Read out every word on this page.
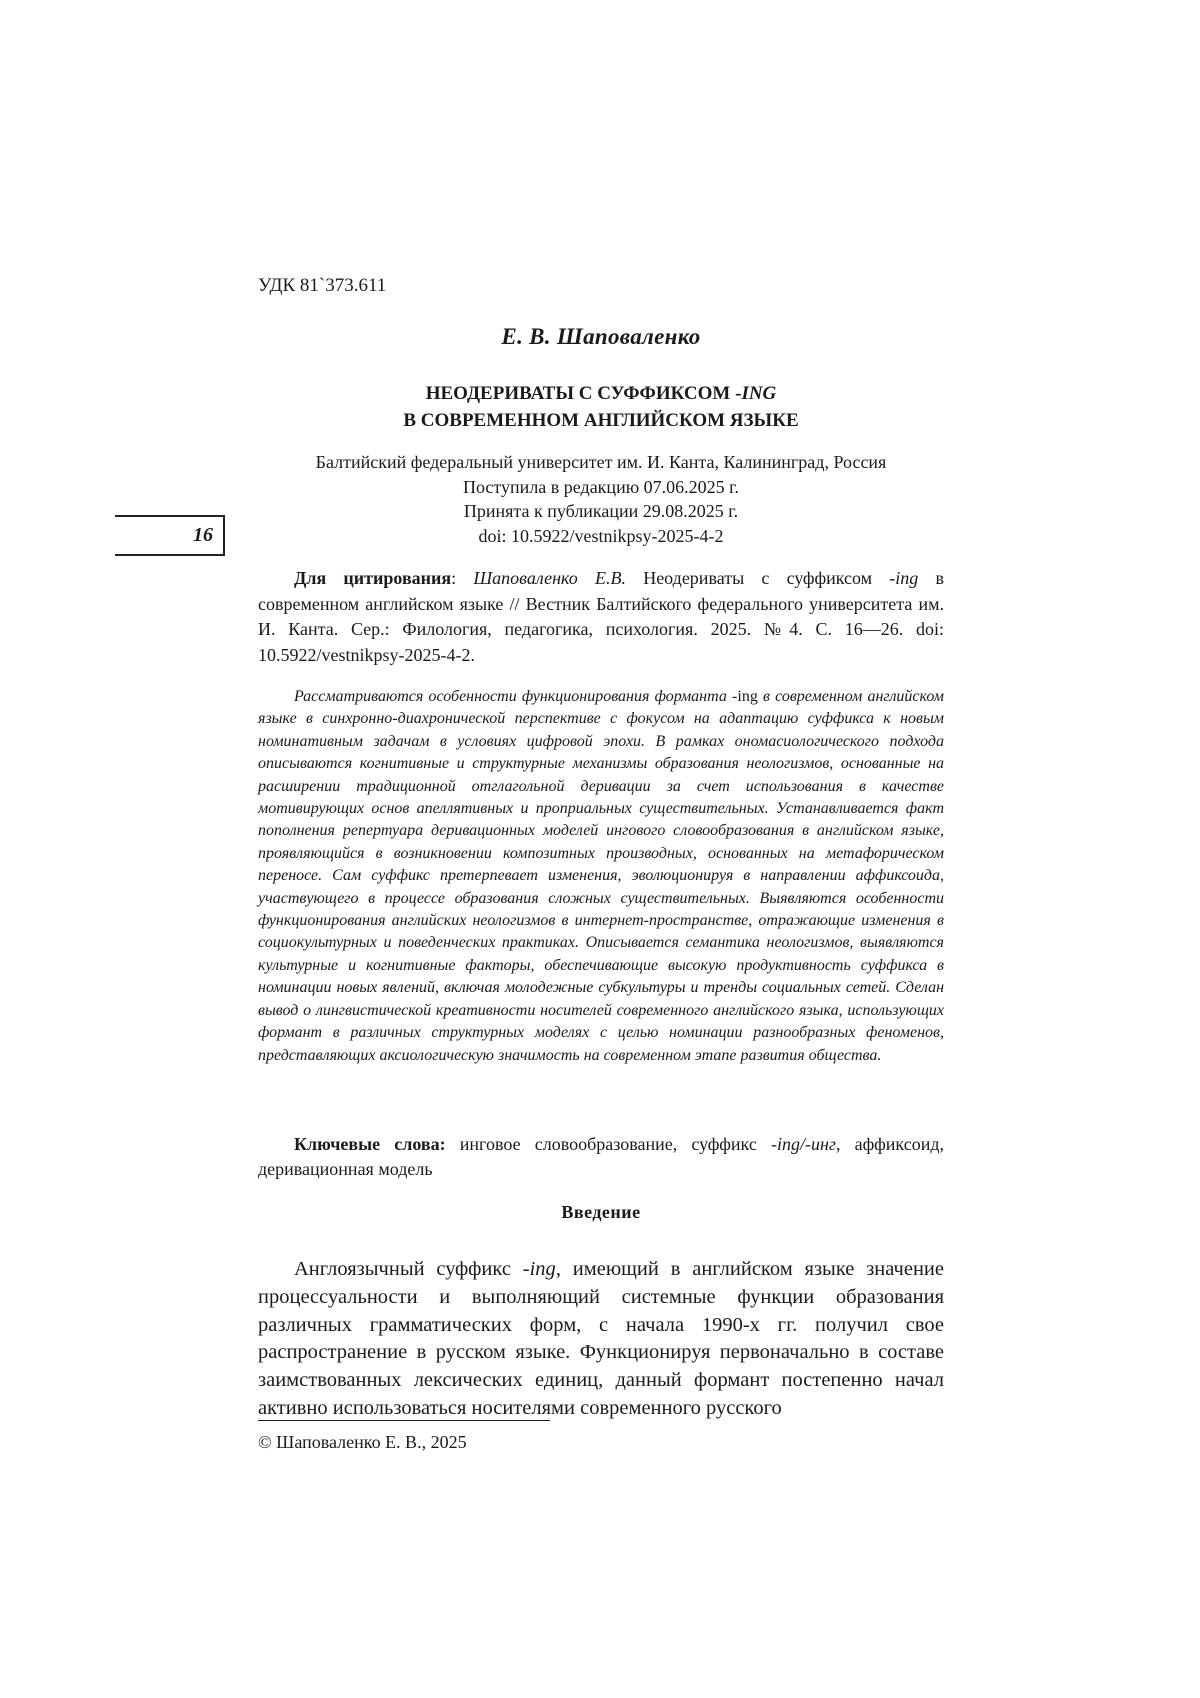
УДК 81`373.611
Е. В. Шаповаленко
НЕОДЕРИВАТЫ С СУФФИКСОМ -ING
В СОВРЕМЕННОМ АНГЛИЙСКОМ ЯЗЫКЕ
Балтийский федеральный университет им. И. Канта, Калининград, Россия
Поступила в редакцию 07.06.2025 г.
Принята к публикации 29.08.2025 г.
doi: 10.5922/vestnikpsy-2025-4-2
16
Для цитирования: Шаповаленко Е.В. Неодериваты с суффиксом -ing в современном английском языке // Вестник Балтийского федерального университета им. И. Канта. Сер.: Филология, педагогика, психология. 2025. №4. С. 16—26. doi: 10.5922/vestnikpsy-2025-4-2.
Рассматриваются особенности функционирования форманта -ing в современном английском языке в синхронно-диахронической перспективе с фокусом на адаптацию суффикса к новым номинативным задачам в условиях цифровой эпохи. В рамках ономасиологического подхода описываются когнитивные и структурные механизмы образования неологизмов, основанные на расширении традиционной отглагольной деривации за счет использования в качестве мотивирующих основ апеллятивных и проприальных существительных. Устанавливается факт пополнения репертуара деривационных моделей ингового словообразования в английском языке, проявляющийся в возникновении композитных производных, основанных на метафорическом переносе. Сам суффикс претерпевает изменения, эволюционируя в направлении аффиксоида, участвующего в процессе образования сложных существительных. Выявляются особенности функционирования английских неологизмов в интернет-пространстве, отражающие изменения в социокультурных и поведенческих практиках. Описывается семантика неологизмов, выявляются культурные и когнитивные факторы, обеспечивающие высокую продуктивность суффикса в номинации новых явлений, включая молодежные субкультуры и тренды социальных сетей. Сделан вывод о лингвистической креативности носителей современного английского языка, использующих формант в различных структурных моделях с целью номинации разнообразных феноменов, представляющих аксиологическую значимость на современном этапе развития общества.
Ключевые слова: инговое словообразование, суффикс -ing/-инг, аффиксоид, деривационная модель
Введение
Англоязычный суффикс -ing, имеющий в английском языке значение процессуальности и выполняющий системные функции образования различных грамматических форм, с начала 1990-х гг. получил свое распространение в русском языке. Функционируя первоначально в составе заимствованных лексических единиц, данный формант постепенно начал активно использоваться носителями современного русского
© Шаповаленко Е. В., 2025
